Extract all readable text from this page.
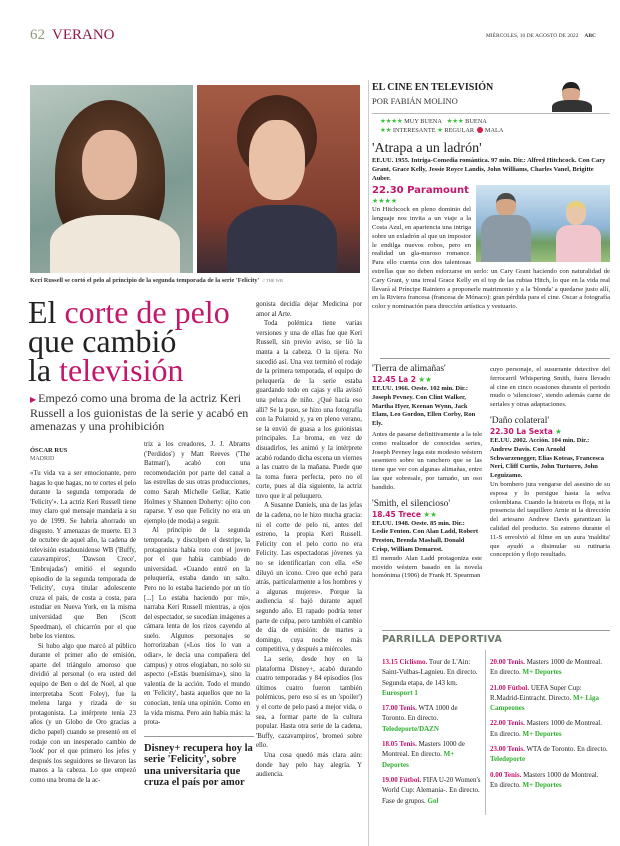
62 VERANO	MIÉRCOLES, 10 DE AGOSTO DE 2022 ABC
Keri Russell se cortó el pelo al principio de la segunda temporada de la serie 'Felicity' // THE WB
El corte de pelo
que cambió
la televisión
▶ Empezó como una broma de la actriz Keri Russell a los guionistas de la serie y acabó en amenazas y una prohibición
ÓSCAR RUS
MADRID

«Tu vida va a ser emocionante, pero hagas lo que hagas, no te cortes el pelo durante la segunda temporada de 'Felicity'». La actriz Keri Russell tiene muy claro qué mensaje mandaría a su yo de 1999. Se habría ahorrado un disgusto. Y amenazas de muerte. El 3 de octubre de aquel año, la cadena de televisión estadounidense WB ('Buffy, cazavampiros', 'Dawson Crece', 'Embrujadas') emitió el segundo episodio de la segunda temporada de 'Felicity', cuya titular adolescente cruza el país, de costa a costa, para estudiar en Nueva York, en la misma universidad que Ben (Scott Speedman), el chicarrón por el que bebe los vientos.

Si hubo algo que marcó al público durante el primer año de emisión, aparte del triángulo amoroso que dividió al personal (o era usted del equipo de Ben o del de Noel, al que interpretaba Scott Foley), fue la melena larga y rizada de su protagonista. La intérprete tenía 23 años (y un Globo de Oro gracias a dicho papel) cuando se presentó en el rodaje con un inesperado cambio de 'look' por el que primero los jefes y después los seguidores se llevaron las manos a la cabeza. Lo que empezó como una broma de la ac-

triz a los creadores, J. J. Abrams ('Perdidos') y Matt Reeves ('The Batman'), acabó con una recomendación por parte del canal a las estrellas de sus otras producciones, como Sarah Michelle Gellar, Katie Holmes y Shannen Doherty: ojito con raparse. Y eso que Felicity no era un ejemplo (de moda) a seguir.

Al principio de la segunda temporada, y disculpen el destripe, la protagonista había roto con el joven por el que había cambiado de universidad. «Cuando entré en la peluquería, estaba dando un salto. Pero no lo estaba haciendo por un tío [...] Lo estaba haciendo por mí», narraba Keri Russell mientras, a ojos del espectador, se sucedían imágenes a cámara lenta de los rizos cayendo al suelo. Algunos personajes se horrorizaban («Los tíos lo van a odiar», le decía una compañera del campus) y otros elogiaban, no solo su aspecto («Estás buenísima»), sino la valentía de la acción. Todo el mundo en 'Felicity', hasta aquellos que no la conocían, tenía una opinión. Como en la vida misma. Pero aún había más: la prota-

Disney+ recupera hoy la serie 'Felicity', sobre una universitaria que cruza el país por amor

gonista decidía dejar Medicina por amor al Arte.

Toda polémica tiene varias versiones y una de ellas fue que Keri Russell, sin previo aviso, se lió la manta a la cabeza. O la tijera. No sucedió así. Una vez terminó el rodaje de la primera temporada, el equipo de peluquería de la serie estaba guardando todo en cajas y ella avistó una peluca de niño. ¿Qué hacía eso allí? Se la puso, se hizo una fotografía con la Polaroid y, ya en pleno verano, se la envió de guasa a los guionistas principales. La broma, en vez de disuadirlos, les animó y la intérprete acabó rodando dicha escena un viernes a las cuatro de la mañana. Puede que la toma fuera perfecta, pero no el corte, pues al día siguiente, la actriz tuvo que ir al peluquero.

A Susanne Daniels, una de las jefas de la cadena, no le hizo mucha gracia: ni el corte de pelo ni, antes del estreno, la propia Keri Russell. Felicity con el pelo corto no era Felicity. Las espectadoras jóvenes ya no se identificarían con ella. «Se diluyó un icono. Creo que echó para atrás, particularmente a los hombres y a algunas mujeres». Porque la audiencia sí bajó durante aquel segundo año. El rapado podría tener parte de culpa, pero también el cambio de día de emisión: de martes a domingo, cuya noche es más competitiva, y después a miércoles.

La serie, desde hoy en la plataforma Disney+, acabó durando cuatro temporadas y 84 episodios (los últimos cuatro fueron también polémicos, pero eso sí es un 'spoiler') y el corte de pelo pasó a mejor vida, o sea, a formar parte de la cultura popular. Hasta otra serie de la cadena, 'Buffy, cazavampiros', bromeó sobre ello.

Una cosa quedó más clara aún: donde hay pelo hay alegría. Y audiencia.

EL CINE EN TELEVISIÓN
POR FABIÁN MOLINO
★★★★ MUY BUENA ★★★ BUENA
★★ INTERESANTE ★ REGULAR MALA
'Atrapa a un ladrón'
EE.UU. 1955. Intriga-Comedia romántica. 97 min. Dir.: Alfred Hitchcock. Con Cary Grant, Grace Kelly, Jessie Royce Landis, John Williams, Charles Vanel, Brigitte Auber.
22.30 Paramount
★★★★
Un Hitchcock en pleno dominio del lenguaje nos invita a un viaje a la Costa Azul, en apariencia una intriga sobre un exladrón al que un impostor le endilga nuevos robos, pero en realidad un gla-muroso romance. Para ello cuenta con dos talentosas estrellas que no deben esforzarse en serlo: un Cary Grant haciendo con naturalidad de Cary Grant, y una irreal Grace Kelly en el top de las rubias Hitch, lo que en la vida real llevará al Príncipe Rainiero a proponerle matrimonio y a la 'blonda' a quedarse justo allí, en la Riviera francesa (francesa de Mónaco): gran pérdida para el cine. Oscar a fotografía color y nominación para dirección artística y vestuario.
'Tierra de alimañas'
12.45 La 2 ★★
EE.UU. 1966. Oeste. 102 min. Dir.: Joseph Pevney. Con Clint Walker, Martha Hyer, Keenan Wynn, Jack Elam, Leo Gordon, Ellen Corby, Ron Ely.
Antes de pasarse definitivamente a la tele como realizador de conocidas series, Joseph Pevney lega este modesto wéstern sesentero sobre un ranchero que se las tiene que ver con algunas alimañas, entre las que sobresale, por tamaño, un oso bandido.
'Smith, el silencioso'
18.45 Trece ★★
EE.UU. 1948. Oeste. 85 min. Dir.: Leslie Fenton. Con Alan Ladd, Robert Preston, Brenda Mashall, Donald Crisp, William Demarest.
El menudo Alan Ladd protagoniza este movido wéstern basado en la novela homónima (1906) de Frank H. Spearman
cuyo personaje, el susurrante detective del ferrocarril Whispering Smith, fuera llevado al cine en cinco ocasiones durante el periodo mudo o 'silencioso', siendo además carne de seriales y otras adaptaciones.
'Daño colateral'
22.30 La Sexta ★
EE.UU. 2002. Acción. 104 min. Dir.: Andrew Davis. Con Arnold Schwarzenegger, Elias Koteas, Francesca Neri, Cliff Curtis, John Turturro, John Leguizamo.
Un bombero jura vengarse del asesino de su esposa y lo persigue hasta la selva colombiana. Cuando la historia es floja, ni la presencia del taquillero Arnie ni la dirección del artesano Andrew Davis garantizan la calidad del producto. Su estreno durante el 11-S envolvió al filme en un aura 'maldita' que ayudó a disimular su rutinaria concepción y flojo resultado.
PARRILLA DEPORTIVA
13.15 Ciclismo. Tour de L'Ain: Saint-Vulbas-Lagnieu. En directo. Segunda etapa, de 143 km. Eurosport 1
17.00 Tenis. WTA 1000 de Toronto. En directo. Teledeporte/DAZN
18.05 Tenis. Masters 1000 de Montreal. En directo. M+ Deportes
19.00 Fútbol. FIFA U-20 Women's World Cup: Alemania-. En directo. Fase de grupos. Gol
20.00 Tenis. Masters 1000 de Montreal. En directo. M+ Deportes
21.00 Fútbol. UEFA Super Cup: R.Madrid-Eintracht. Directo. M+ Liga Campeones
22.00 Tenis. Masters 1000 de Montreal. En directo. M+ Deportes
23.00 Tenis. WTA de Toronto. En directo. Teledeporte
0.00 Tenis. Masters 1000 de Montreal. En directo. M+ Deportes
